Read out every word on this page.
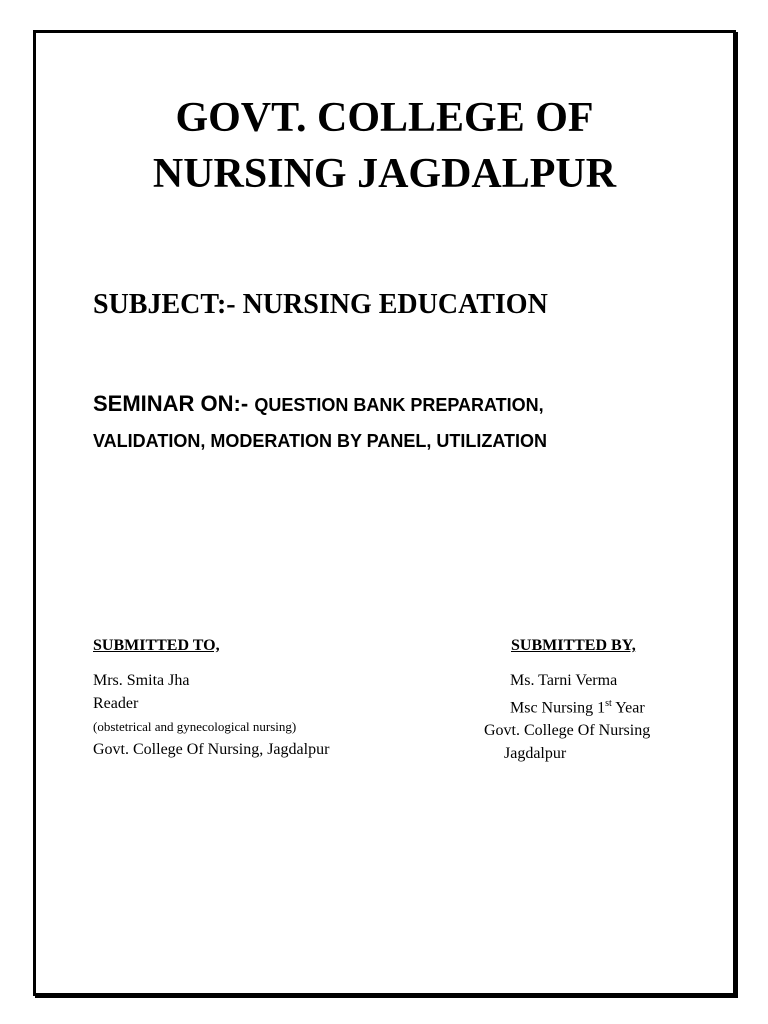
GOVT. COLLEGE OF
NURSING JAGDALPUR
SUBJECT:- NURSING EDUCATION
SEMINAR ON:- QUESTION BANK PREPARATION,
VALIDATION, MODERATION BY PANEL, UTILIZATION
SUBMITTED TO,
Mrs. Smita Jha
Reader
(obstetrical and gynecological nursing)
Govt. College Of Nursing, Jagdalpur
SUBMITTED BY,
Ms. Tarni Verma
Msc Nursing 1st Year
Govt. College Of Nursing
Jagdalpur
